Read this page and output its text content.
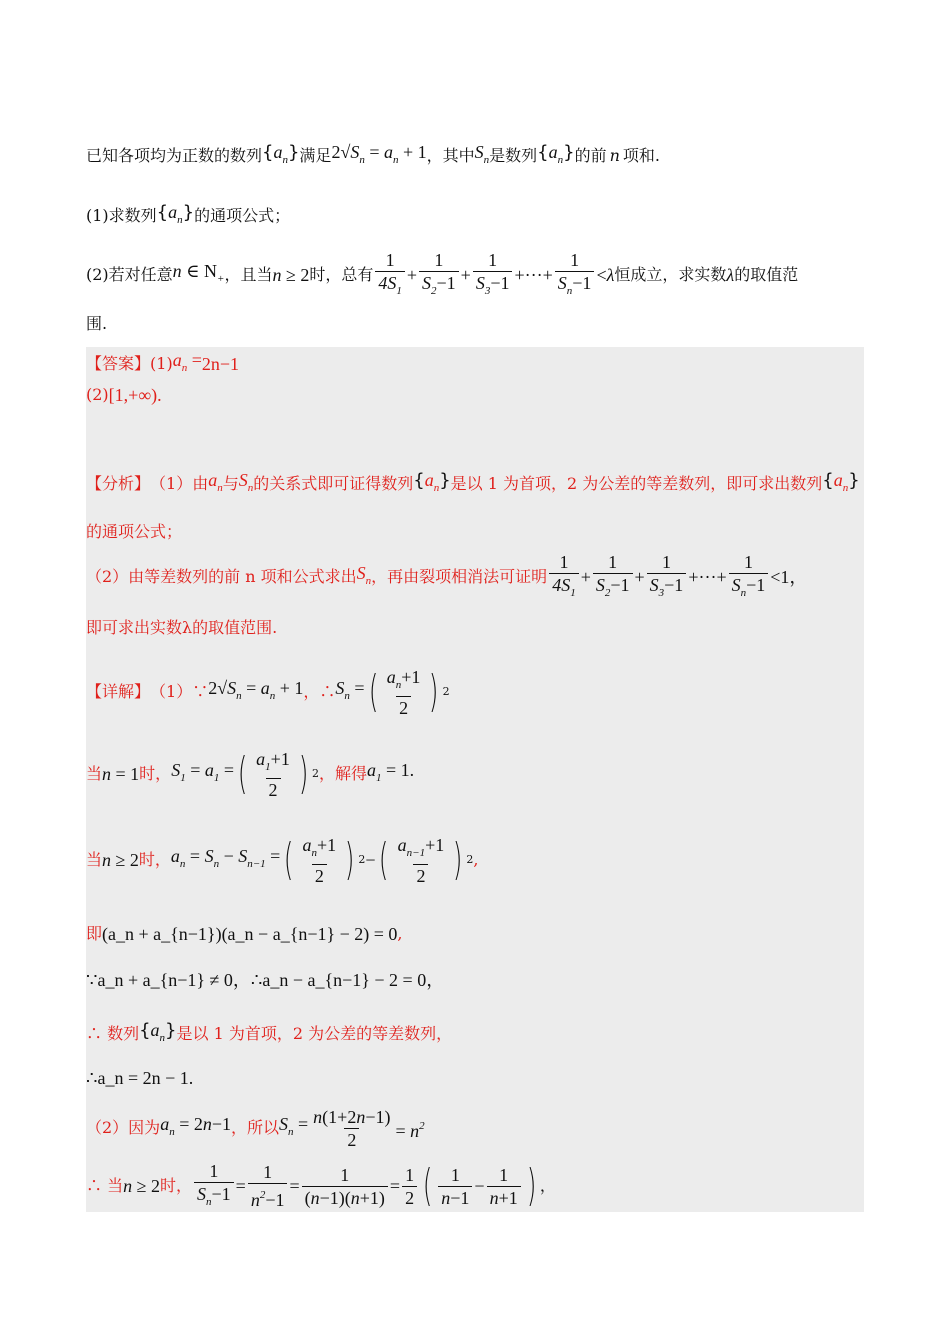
已知各项均为正数的数列 $\{a_n\}$ 满足 $2√S_n = a_n + 1$ ，其中 $S_n$ 是数列 $\{a_n\}$ 的前 n 项和.
(1)求数列 $\{a_n\}$ 的通项公式；
(2)若对任意 n ∈ $N_+$ ，且当 n ≥ 2 时，总有 $\frac{1}{4S_1} + \frac{1}{S_2-1} + \frac{1}{S_3-1}$ +···+ $\frac{1}{S_n-1} < \lambda$ 恒成立，求实数 λ 的取值范
围.
【答案】 (1) $a_n = 2n-1$
(2) [1,+∞).
【分析】 （1）由 $a_n$ 与 $S_n$ 的关系式即可证得数列 $\{a_n\}$ 是以 1 为首项，2 为公差的等差数列，即可求出数列 $\{a_n\}$
的通项公式；
（2）由等差数列的前 n 项和公式求出 $S_n$ ，再由裂项相消法可证明 $\frac{1}{4S_1} + \frac{1}{S_2-1} + \frac{1}{S_3-1}$ +···+ $\frac{1}{S_n-1} <1$，
即可求出实数λ的取值范围.
【详解】 （1）∵ $2√S_n = a_n + 1$ ，∴ $S_n$ = ( $\frac{a_n+1}{2}$ ) 2
当 n = 1 时， $S_1 = a_1$ = ( $\frac{a_1+1}{2}$ ) 2 ，解得 $a_1 = 1$.
当 n ≥ 2 时， $a_n = S_n - S_{n-1}$ = ( $\frac{a_n+1}{2}$ ) 2 − ( $\frac{a_{n-1}+1}{2}$ ) 2 ,
即 (a_n + a_{n−1})(a_n − a_{n−1} − 2) = 0 ,
∵a_n + a_{n−1} ≠ 0，∴a_n − a_{n−1} − 2 = 0，
∴ 数列 $\{a_n\}$ 是以 1 为首项，2 为公差的等差数列，
∴a_n = 2n − 1.
（2）因为 $a_n = 2n-1$ ，所以 $S_n = \frac{n(1+2n-1)}{2} = n^2$
∴ 当 n ≥ 2 时， $\frac{1}{S_n-1} = \frac{1}{n^2-1} = \frac{1}{(n-1)(n+1)} = \frac{1}{2}$ ( $\frac{1}{n-1} - \frac{1}{n+1}$ ) ，
